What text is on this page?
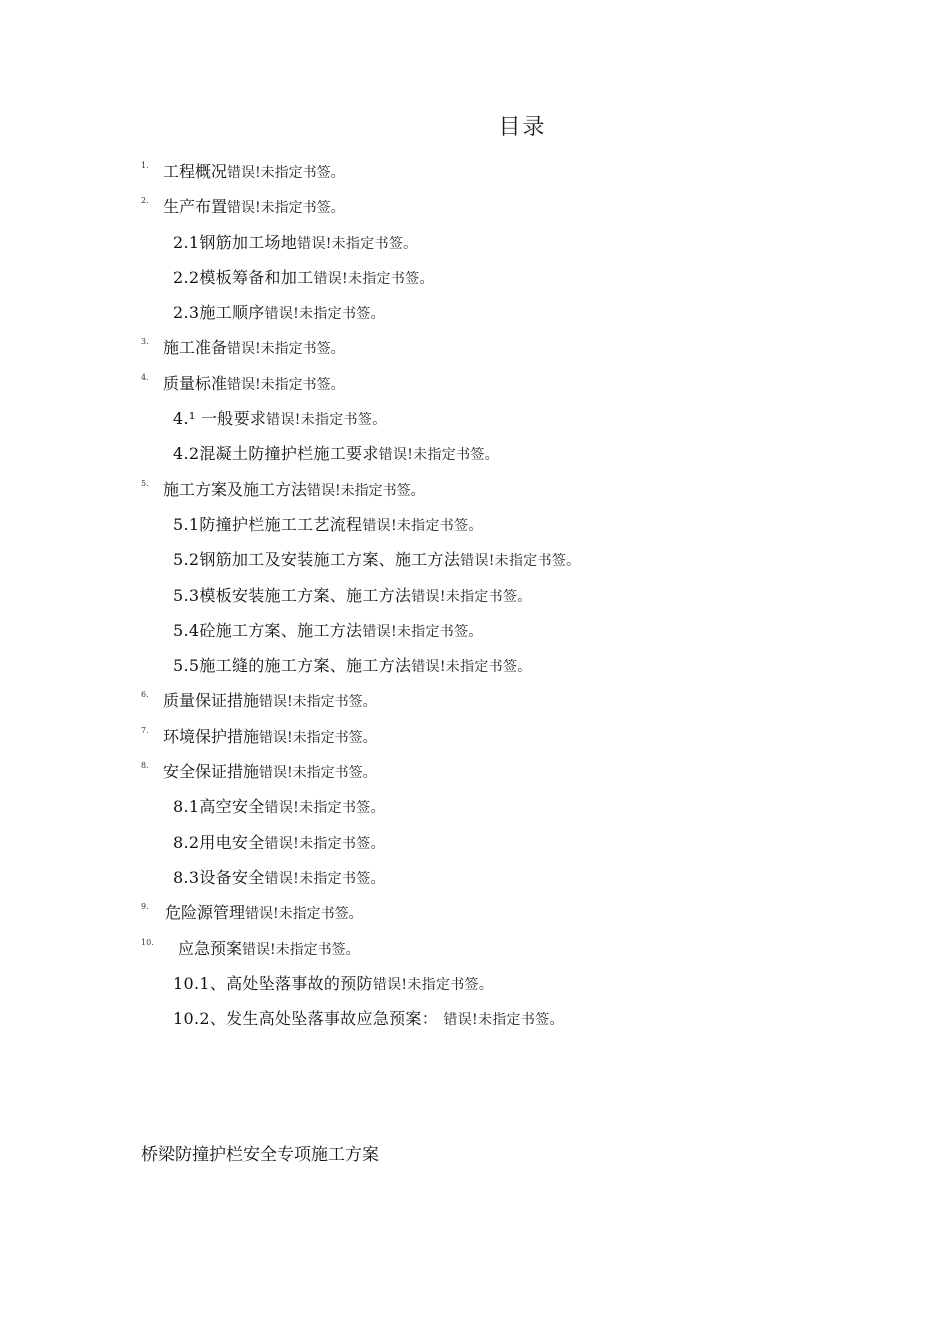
目录
1. 工程概况错误!未指定书签。
2. 生产布置错误!未指定书签。
2.1钢筋加工场地错误!未指定书签。
2.2模板筹备和加工错误!未指定书签。
2.3施工顺序错误!未指定书签。
3. 施工准备错误!未指定书签。
4. 质量标准错误!未指定书签。
4.¹ 一般要求错误!未指定书签。
4.2混凝土防撞护栏施工要求错误!未指定书签。
5. 施工方案及施工方法错误!未指定书签。
5.1防撞护栏施工工艺流程错误!未指定书签。
5.2钢筋加工及安装施工方案、施工方法错误!未指定书签。
5.3模板安装施工方案、施工方法错误!未指定书签。
5.4砼施工方案、施工方法错误!未指定书签。
5.5施工缝的施工方案、施工方法错误!未指定书签。
6. 质量保证措施错误!未指定书签。
7. 环境保护措施错误!未指定书签。
8. 安全保证措施错误!未指定书签。
8.1高空安全错误!未指定书签。
8.2用电安全错误!未指定书签。
8.3设备安全错误!未指定书签。
9. 危险源管理错误!未指定书签。
10. 应急预案错误!未指定书签。
10.1、高处坠落事故的预防错误!未指定书签。
10.2、发生高处坠落事故应急预案： 错误!未指定书签。
桥梁防撞护栏安全专项施工方案
